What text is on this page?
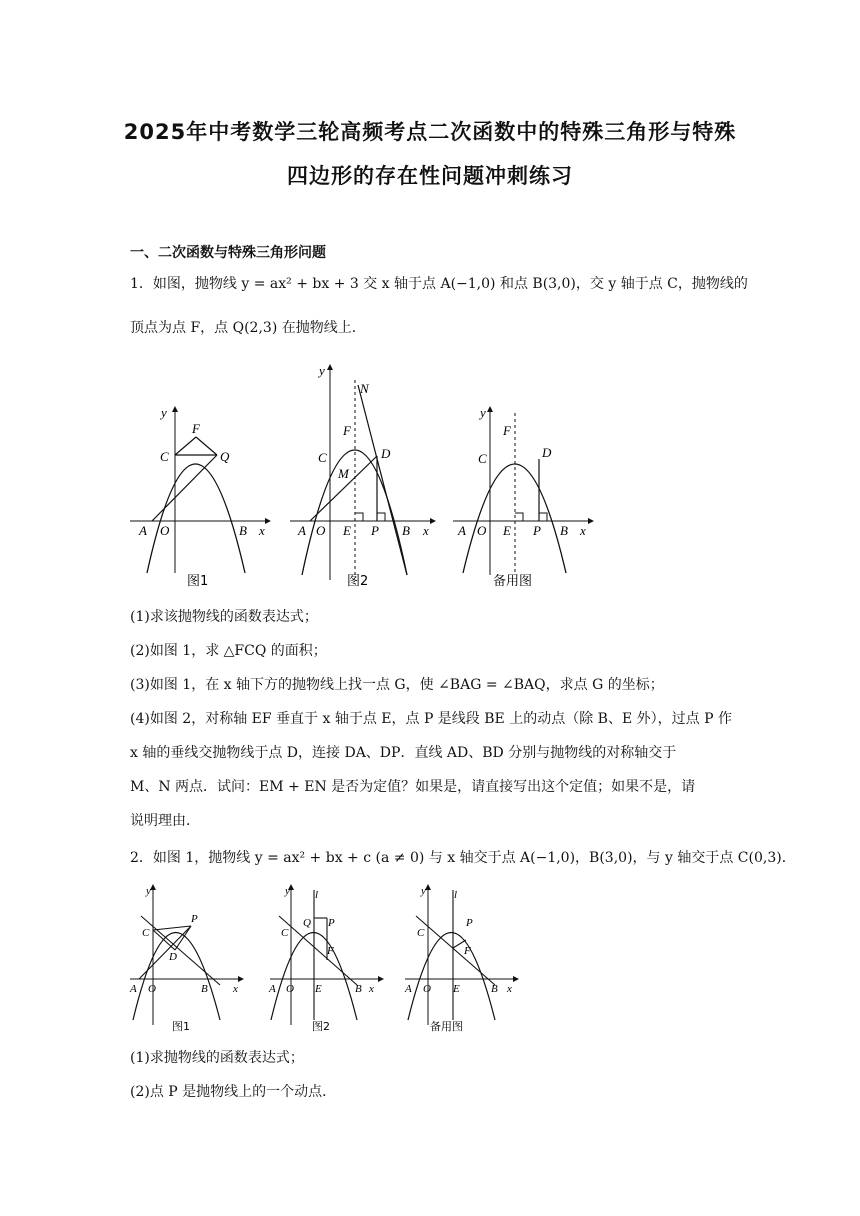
2025年中考数学三轮高频考点二次函数中的特殊三角形与特殊
四边形的存在性问题冲刺练习
一、二次函数与特殊三角形问题
1．如图，抛物线 y = ax² + bx + 3 交 x 轴于点 A(−1,0) 和点 B(3,0)，交 y 轴于点 C，抛物线的
顶点为点 F，点 Q(2,3) 在抛物线上．
y
F
C	Q
A O	B x
图1
y
N
F
C	D
M
A O E P B x
图2
y
F
C	D
A O E P B x
备用图
(1)求该抛物线的函数表达式；
(2)如图 1，求 △FCQ 的面积；
(3)如图 1，在 x 轴下方的抛物线上找一点 G，使 ∠BAG = ∠BAQ，求点 G 的坐标；
(4)如图 2，对称轴 EF 垂直于 x 轴于点 E，点 P 是线段 BE 上的动点（除 B、E 外），过点 P 作
x 轴的垂线交抛物线于点 D，连接 DA、DP．直线 AD、BD 分别与抛物线的对称轴交于
M、N 两点．试问：EM + EN 是否为定值？如果是，请直接写出这个定值；如果不是，请
说明理由．
2．如图 1，抛物线 y = ax² + bx + c (a ≠ 0) 与 x 轴交于点 A(−1,0)，B(3,0)，与 y 轴交于点 C(0,3)．
y
P
C
D
A O	B x
图1
y l
Q P
C
F
A O E	B x
图2
y	l
P
C
F
A O E	B x
备用图
(1)求抛物线的函数表达式；
(2)点 P 是抛物线上的一个动点．
